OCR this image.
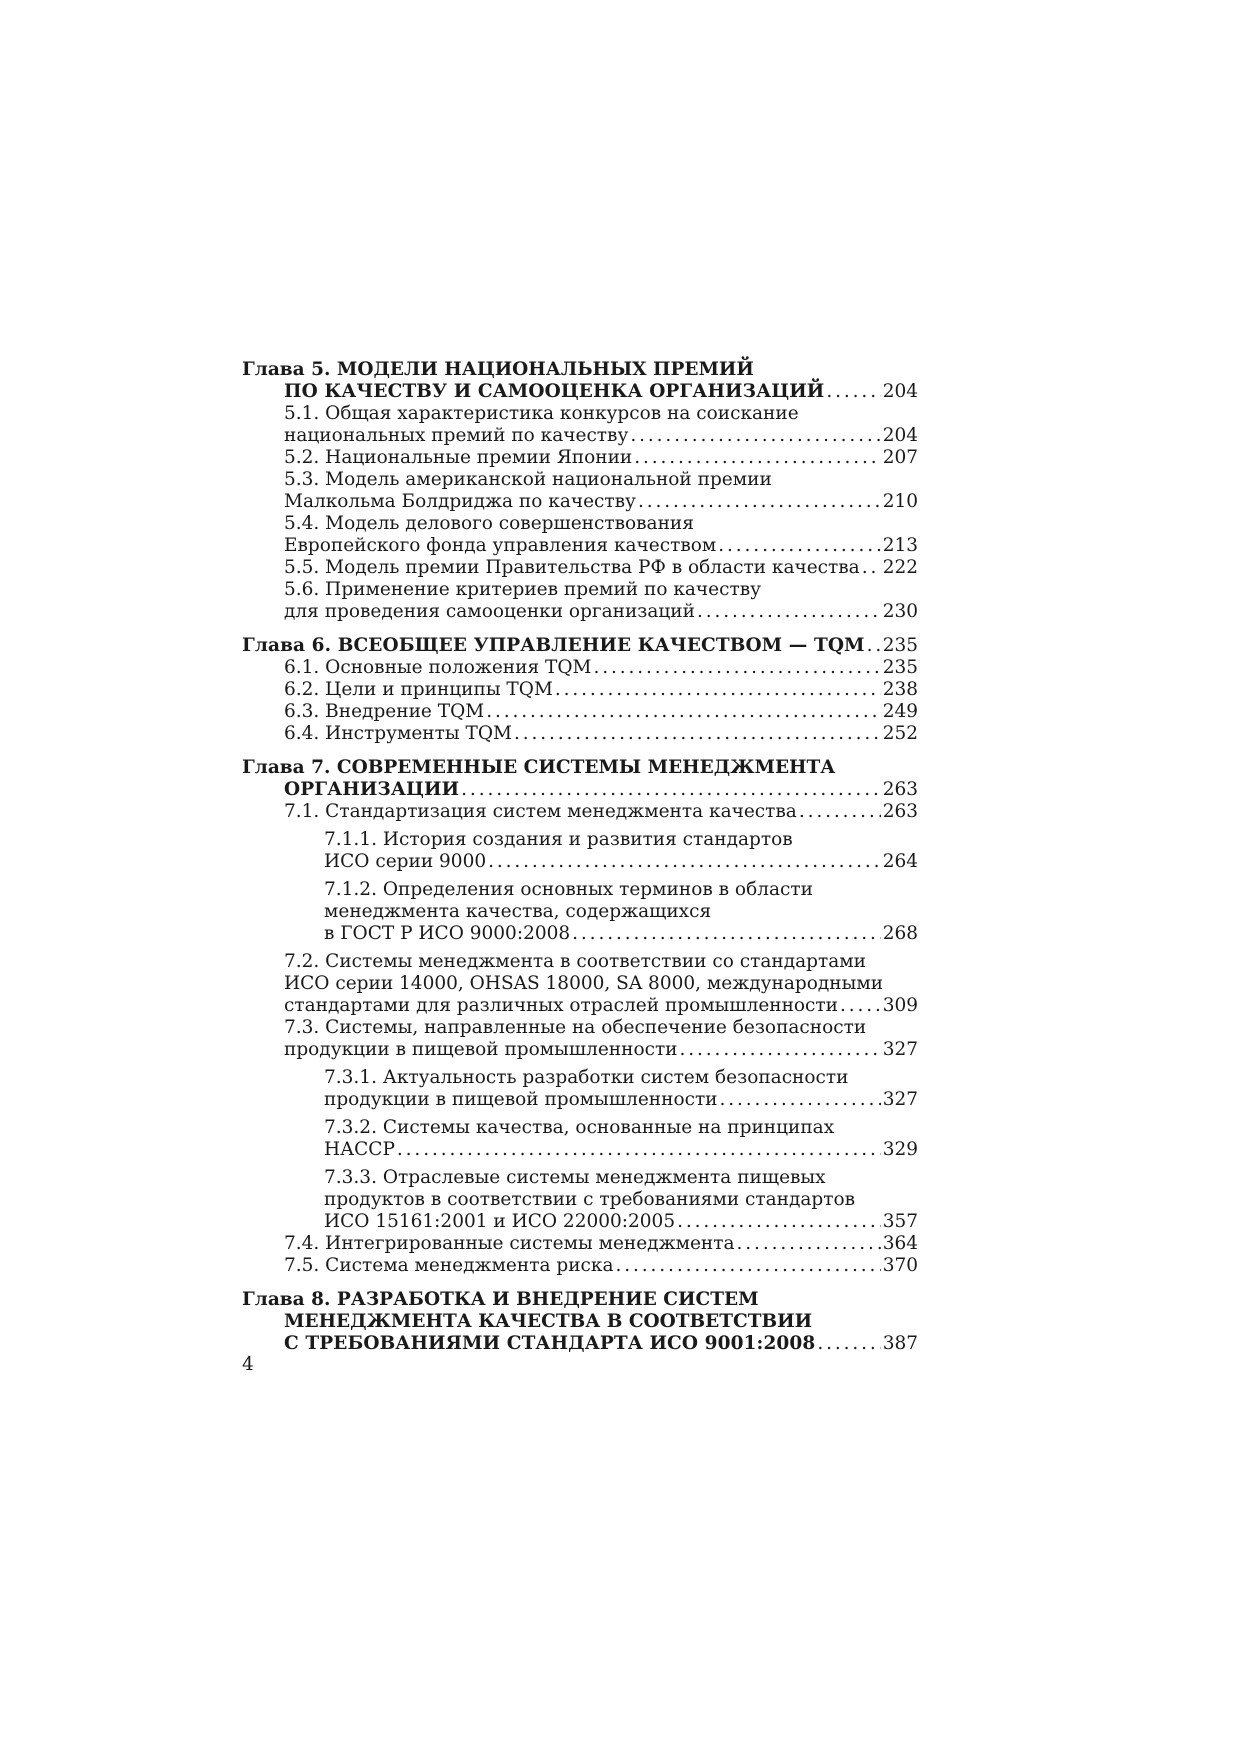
Глава 5. МОДЕЛИ НАЦИОНАЛЬНЫХ ПРЕМИЙ
ПО КАЧЕСТВУ И САМООЦЕНКА ОРГАНИЗАЦИЙ . . .	204
5.1. Общая характеристика конкурсов на соискание
национальных премий по качеству . . .	204
5.2. Национальные премии Японии . . .	207
5.3. Модель американской национальной премии
Малкольма Болдриджа по качеству . . .	210
5.4. Модель делового совершенствования
Европейского фонда управления качеством . . .	213
5.5. Модель премии Правительства РФ в области качества . . . 222
5.6. Применение критериев премий по качеству
для проведения самооценки организаций . . .	230
Глава 6. ВСЕОБЩЕЕ УПРАВЛЕНИЕ КАЧЕСТВОМ — TQM . . . 235
6.1. Основные положения TQM . . .	235
6.2. Цели и принципы TQM . . .	238
6.3. Внедрение TQM . . .	249
6.4. Инструменты TQM . . .	252
Глава 7. СОВРЕМЕННЫЕ СИСТЕМЫ МЕНЕДЖМЕНТА
ОРГАНИЗАЦИИ . . .	263
7.1. Стандартизация систем менеджмента качества . . .	263
7.1.1. История создания и развития стандартов
ИСО серии 9000 . . .	264
7.1.2. Определения основных терминов в области
менеджмента качества, содержащихся
в ГОСТ Р ИСО 9000:2008 . . .	268
7.2. Системы менеджмента в соответствии со стандартами
ИСО серии 14000, OHSAS 18000, SA 8000, международными
стандартами для различных отраслей промышленности . . . 309
7.3. Системы, направленные на обеспечение безопасности
продукции в пищевой промышленности . . .	327
7.3.1. Актуальность разработки систем безопасности
продукции в пищевой промышленности . . .	327
7.3.2. Системы качества, основанные на принципах
НАССР . . .	329
7.3.3. Отраслевые системы менеджмента пищевых
продуктов в соответствии с требованиями стандартов
ИСО 15161:2001 и ИСО 22000:2005 . . .	357
7.4. Интегрированные системы менеджмента . . .	364
7.5. Система менеджмента риска . . .	370
Глава 8. РАЗРАБОТКА И ВНЕДРЕНИЕ СИСТЕМ
МЕНЕДЖМЕНТА КАЧЕСТВА В СООТВЕТСТВИИ
С ТРЕБОВАНИЯМИ СТАНДАРТА ИСО 9001:2008 . . .	387
4
